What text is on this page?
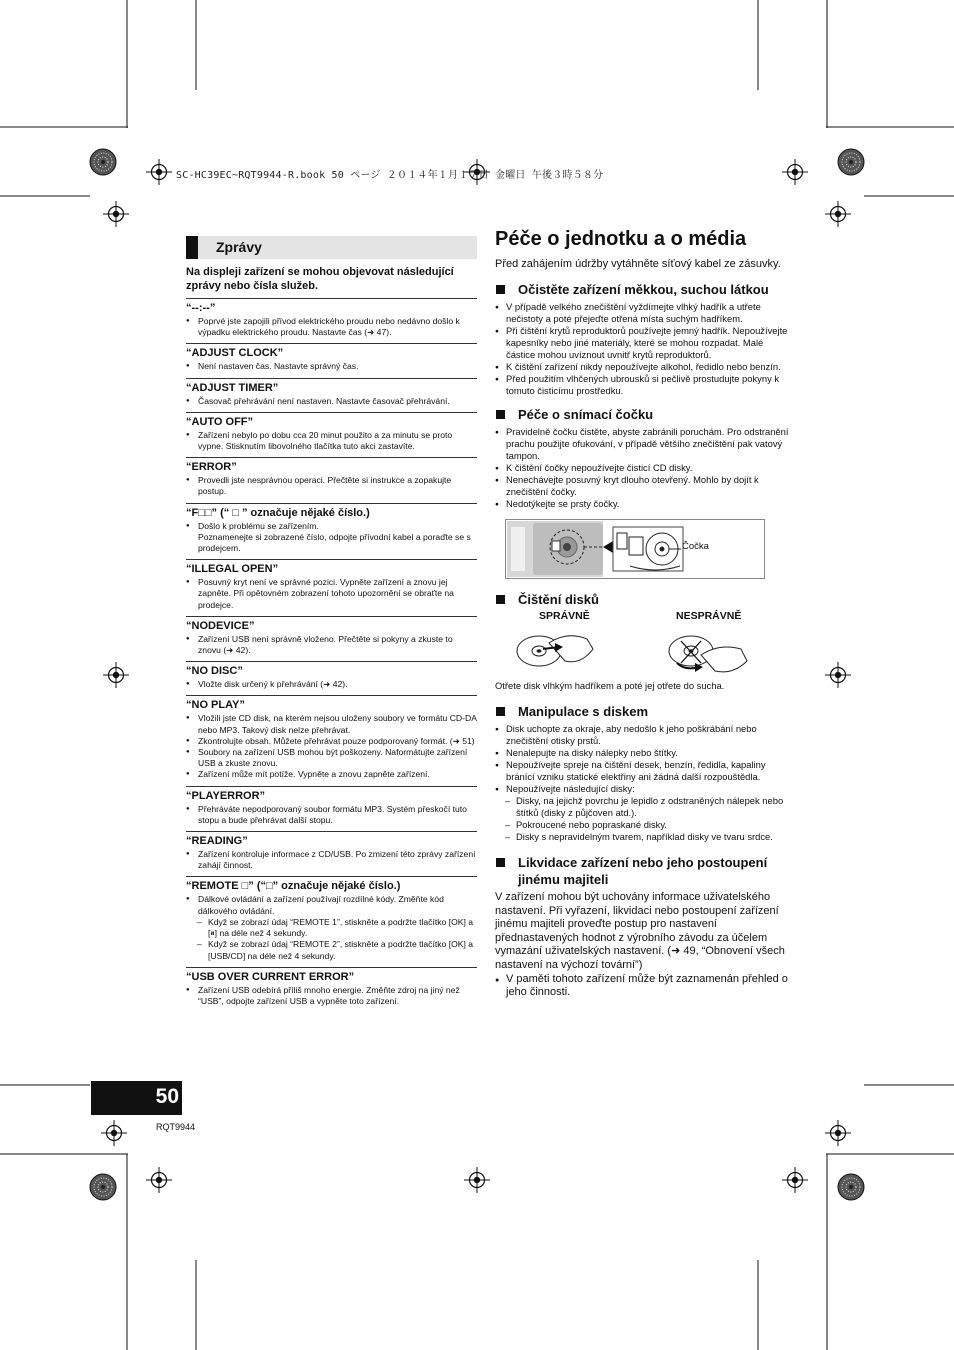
SC-HC39EC~RQT9944-R.book 50 ページ ２０１４年１月１７日 金曜日 午後３時５８分
Zprávy

Na displeji zařízení se mohou objevovat následující zprávy nebo čísla služeb.

“--:--”
● Poprvé jste zapojili přívod elektrického proudu nebo nedávno došlo k výpadku elektrického proudu. Nastavte čas (➜ 47).
“ADJUST CLOCK”
● Není nastaven čas. Nastavte správný čas.
“ADJUST TIMER”
● Časovač přehrávání není nastaven. Nastavte časovač přehrávání.
“AUTO OFF”
● Zařízení nebylo po dobu cca 20 minut použito a za minutu se proto vypne. Stisknutím libovolného tlačítka tuto akci zastavíte.
“ERROR”
● Provedli jste nesprávnou operaci. Přečtěte si instrukce a zopakujte postup.
“F□□” (“ □ ” označuje nějaké číslo.)
● Došlo k problému se zařízením.
Poznamenejte si zobrazené číslo, odpojte přívodní kabel a poraďte se s prodejcem.
“ILLEGAL OPEN”
● Posuvný kryt není ve správné pozici. Vypněte zařízení a znovu jej zapněte. Při opětovném zobrazení tohoto upozornění se obraťte na prodejce.
“NODEVICE”
● Zařízení USB není správně vloženo. Přečtěte si pokyny a zkuste to znovu (➜ 42).
“NO DISC”
● Vložte disk určený k přehrávání (➜ 42).
“NO PLAY”
● Vložili jste CD disk, na kterém nejsou uloženy soubory ve formátu CD-DA nebo MP3. Takový disk nelze přehrávat.
● Zkontrolujte obsah. Můžete přehrávat pouze podporovaný formát. (➜ 51)
● Soubory na zařízení USB mohou být poškozeny. Naformátujte zařízení USB a zkuste znovu.
● Zařízení může mít potíže. Vypněte a znovu zapněte zařízení.
“PLAYERROR”
● Přehráváte nepodporovaný soubor formátu MP3. Systém přeskočí tuto stopu a bude přehrávat další stopu.
“READING”
● Zařízení kontroluje informace z CD/USB. Po zmizení této zprávy zařízení zahájí činnost.
“REMOTE □” (“□” označuje nějaké číslo.)
● Dálkové ovládání a zařízení používají rozdílné kódy. Změňte kód dálkového ovládání.
– Když se zobrazí údaj “REMOTE 1”, stiskněte a podržte tlačítko [OK] a [⏸] na déle než 4 sekundy.
– Když se zobrazí údaj “REMOTE 2”, stiskněte a podržte tlačítko [OK] a [USB/CD] na déle než 4 sekundy.
“USB OVER CURRENT ERROR”
● Zařízení USB odebírá příliš mnoho energie. Změňte zdroj na jiný než “USB”, odpojte zařízení USB a vypněte toto zařízení.
Péče o jednotku a o média
Před zahájením údržby vytáhněte síťový kabel ze zásuvky.
Očistěte zařízení měkkou, suchou látkou
● V případě velkého znečištění vyždímejte vlhký hadřík a utřete nečistoty a poté přejeďte otřená místa suchým hadříkem.
● Při čištění krytů reproduktorů používejte jemný hadřík. Nepoužívejte kapesníky nebo jiné materiály, které se mohou rozpadat. Malé částice mohou uvíznout uvnitř krytů reproduktorů.
● K čištění zařízení nikdy nepoužívejte alkohol, ředidlo nebo benzín.
● Před použitím vlhčených ubrousků si pečlivě prostudujte pokyny k tomuto čisticímu prostředku.
Péče o snímací čočku
● Pravidelně čočku čistěte, abyste zabránili poruchám. Pro odstranění prachu použijte ofukování, v případě většího znečištění pak vatový tampon.
● K čištění čočky nepoužívejte čisticí CD disky.
● Nenechávejte posuvný kryt dlouho otevřený. Mohlo by dojít k znečištění čočky.
● Nedotýkejte se prsty čočky.
Čočka
Čištění disků
SPRÁVNĚ	NESPRÁVNĚ
Otřete disk vlhkým hadříkem a poté jej otřete do sucha.
Manipulace s diskem
● Disk uchopte za okraje, aby nedošlo k jeho poškrábání nebo znečištění otisky prstů.
● Nenalepujte na disky nálepky nebo štítky.
● Nepoužívejte spreje na čištění desek, benzín, ředidla, kapaliny bránící vzniku statické elektřiny ani žádná další rozpouštědla.
● Nepoužívejte následující disky:
– Disky, na jejichž povrchu je lepidlo z odstraněných nálepek nebo štítků (disky z půjčoven atd.).
– Pokroucené nebo popraskané disky.
– Disky s nepravidelným tvarem, například disky ve tvaru srdce.
Likvidace zařízení nebo jeho postoupení jinému majiteli
V zařízení mohou být uchovány informace uživatelského nastavení. Při vyřazení, likvidaci nebo postoupení zařízení jinému majiteli proveďte postup pro nastavení přednastavených hodnot z výrobního závodu za účelem vymazání uživatelských nastavení. (➜ 49, “Obnovení všech nastavení na výchozí tovární”)
● V paměti tohoto zařízení může být zaznamenán přehled o jeho činnosti.
50
RQT9944
